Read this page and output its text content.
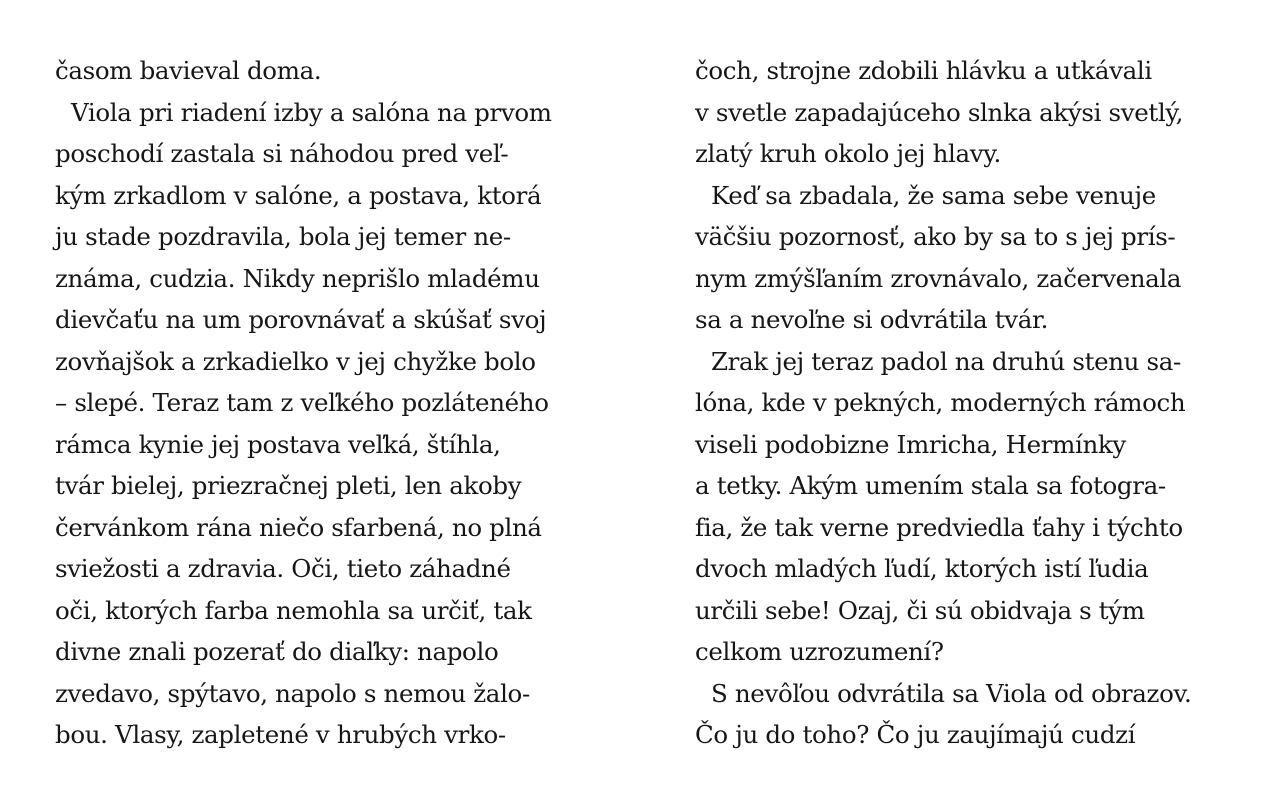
časom bavieval doma.
Viola pri riadení izby a salóna na prvom
poschodí zastala si náhodou pred veľ-
kým zrkadlom v salóne, a postava, ktorá
ju stade pozdravila, bola jej temer ne-
známa, cudzia. Nikdy neprišlo mladému
dievčaťu na um porovnávať a skúšať svoj
zovňajšok a zrkadielko v jej chyžke bolo
– slepé. Teraz tam z veľkého pozláteného
rámca kynie jej postava veľká, štíhla,
tvár bielej, priezračnej pleti, len akoby
červánkom rána niečo sfarbená, no plná
sviežosti a zdravia. Oči, tieto záhadné
oči, ktorých farba nemohla sa určiť, tak
divne znali pozerať do diaľky: napolo
zvedavo, spýtavo, napolo s nemou žalo-
bou. Vlasy, zapletené v hrubých vrko-
čoch, strojne zdobili hlávku a utkávali
v svetle zapadajúceho slnka akýsi svetlý,
zlatý kruh okolo jej hlavy.
Keď sa zbadala, že sama sebe venuje
väčšiu pozornosť, ako by sa to s jej prís-
nym zmýšľaním zrovnávalo, začervenala
sa a nevoľne si odvrátila tvár.
Zrak jej teraz padol na druhú stenu sa-
lóna, kde v pekných, moderných rámoch
viseli podobizne Imricha, Hermínky
a tetky. Akým umením stala sa fotogra-
fia, že tak verne predviedla ťahy i týchto
dvoch mladých ľudí, ktorých istí ľudia
určili sebe! Ozaj, či sú obidvaja s tým
celkom uzrozumení?
S nevôľou odvrátila sa Viola od obrazov.
Čo ju do toho? Čo ju zaujímajú cudzí
